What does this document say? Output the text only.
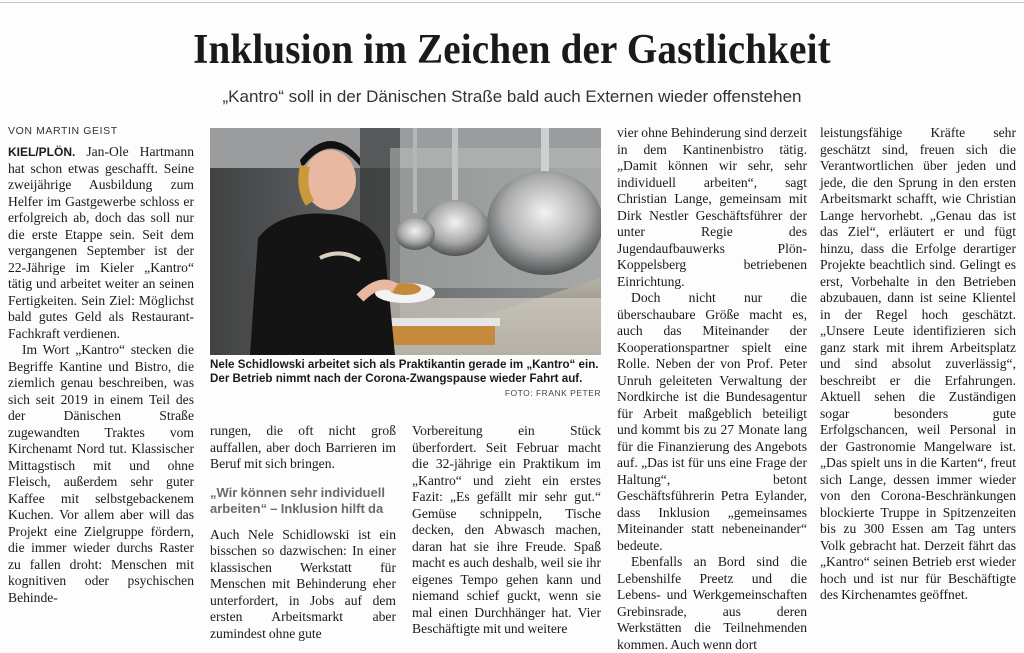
Inklusion im Zeichen der Gastlichkeit
„Kantro“ soll in der Dänischen Straße bald auch Externen wieder offenstehen
VON MARTIN GEIST

KIEL/PLÖN. Jan-Ole Hartmann hat schon etwas geschafft. Seine zweijährige Ausbildung zum Helfer im Gastgewerbe schloss er erfolgreich ab, doch das soll nur die erste Etappe sein. Seit dem vergangenen September ist der 22-Jährige im Kieler „Kantro“ tätig und arbeitet weiter an seinen Fertigkeiten. Sein Ziel: Möglichst bald gutes Geld als Restaurant-Fachkraft verdienen.

Im Wort „Kantro“ stecken die Begriffe Kantine und Bistro, die ziemlich genau beschreiben, was sich seit 2019 in einem Teil des der Dänischen Straße zugewandten Traktes vom Kirchenamt Nord tut. Klassischer Mittagstisch mit und ohne Fleisch, außerdem sehr guter Kaffee mit selbstgebackenem Kuchen. Vor allem aber will das Projekt eine Zielgruppe fördern, die immer wieder durchs Raster zu fallen droht: Menschen mit kognitiven oder psychischen Behinde-

Nele Schidlowski arbeitet sich als Praktikantin gerade im „Kantro“ ein. Der Betrieb nimmt nach der Corona-Zwangspause wieder Fahrt auf.
FOTO: FRANK PETER

rungen, die oft nicht groß auffallen, aber doch Barrieren im Beruf mit sich bringen.

„Wir können sehr individuell arbeiten“ – Inklusion hilft da

Auch Nele Schidlowski ist ein bisschen so dazwischen: In einer klassischen Werkstatt für Menschen mit Behinderung eher unterfordert, in Jobs auf dem ersten Arbeitsmarkt aber zumindest ohne gute

Vorbereitung ein Stück überfordert. Seit Februar macht die 32-jährige ein Praktikum im „Kantro“ und zieht ein erstes Fazit: „Es gefällt mir sehr gut.“ Gemüse schnippeln, Tische decken, den Abwasch machen, daran hat sie ihre Freude. Spaß macht es auch deshalb, weil sie ihr eigenes Tempo gehen kann und niemand schief guckt, wenn sie mal einen Durchhänger hat. Vier Beschäftigte mit und weitere

vier ohne Behinderung sind derzeit in dem Kantinenbistro tätig. „Damit können wir sehr, sehr individuell arbeiten“, sagt Christian Lange, gemeinsam mit Dirk Nestler Geschäftsführer der unter Regie des Jugendaufbauwerks Plön-Koppelsberg betriebenen Einrichtung.

Doch nicht nur die überschaubare Größe macht es, auch das Miteinander der Kooperationspartner spielt eine Rolle. Neben der von Prof. Peter Unruh geleiteten Verwaltung der Nordkirche ist die Bundesagentur für Arbeit maßgeblich beteiligt und kommt bis zu 27 Monate lang für die Finanzierung des Angebots auf. „Das ist für uns eine Frage der Haltung“, betont Geschäftsführerin Petra Eylander, dass Inklusion „gemeinsames Miteinander statt nebeneinander“ bedeute.

Ebenfalls an Bord sind die Lebenshilfe Preetz und die Lebens- und Werkgemeinschaften Grebinsrade, aus deren Werkstätten die Teilnehmenden kommen. Auch wenn dort

leistungsfähige Kräfte sehr geschätzt sind, freuen sich die Verantwortlichen über jeden und jede, die den Sprung in den ersten Arbeitsmarkt schafft, wie Christian Lange hervorhebt. „Genau das ist das Ziel“, erläutert er und fügt hinzu, dass die Erfolge derartiger Projekte beachtlich sind. Gelingt es erst, Vorbehalte in den Betrieben abzubauen, dann ist seine Klientel in der Regel hoch geschätzt. „Unsere Leute identifizieren sich ganz stark mit ihrem Arbeitsplatz und sind absolut zuverlässig“, beschreibt er die Erfahrungen. Aktuell sehen die Zuständigen sogar besonders gute Erfolgschancen, weil Personal in der Gastronomie Mangelware ist. „Das spielt uns in die Karten“, freut sich Lange, dessen immer wieder von den Corona-Beschränkungen blockierte Truppe in Spitzenzeiten bis zu 300 Essen am Tag unters Volk gebracht hat. Derzeit fährt das „Kantro“ seinen Betrieb erst wieder hoch und ist nur für Beschäftigte des Kirchenamtes geöffnet.
